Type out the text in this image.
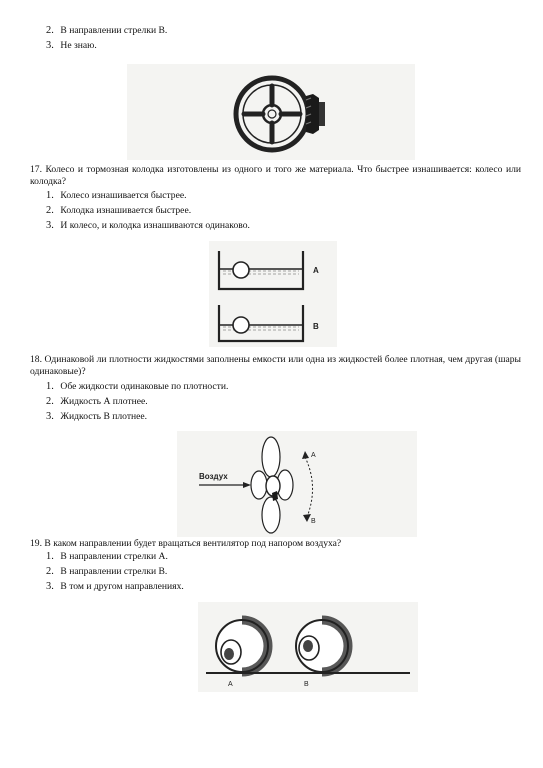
2. В направлении стрелки В.
3. Не знаю.
17. Колесо и тормозная колодка изготовлены из одного и того же материала. Что быстрее изнашивается: колесо или колодка?
1. Колесо изнашивается быстрее.
2. Колодка изнашивается быстрее.
3. И колесо, и колодка изнашиваются одинаково.
A
B
18. Одинаковой ли плотности жидкостями заполнены емкости или одна из жидкостей более плотная, чем другая (шары одинаковые)?
1. Обе жидкости одинаковые по плотности.
2. Жидкость А плотнее.
3. Жидкость В плотнее.
Воздух
A
B
19. В каком направлении будет вращаться вентилятор под напором воздуха?
1. В направлении стрелки А.
2. В направлении стрелки В.
3. В том и другом направлениях.
A	B
